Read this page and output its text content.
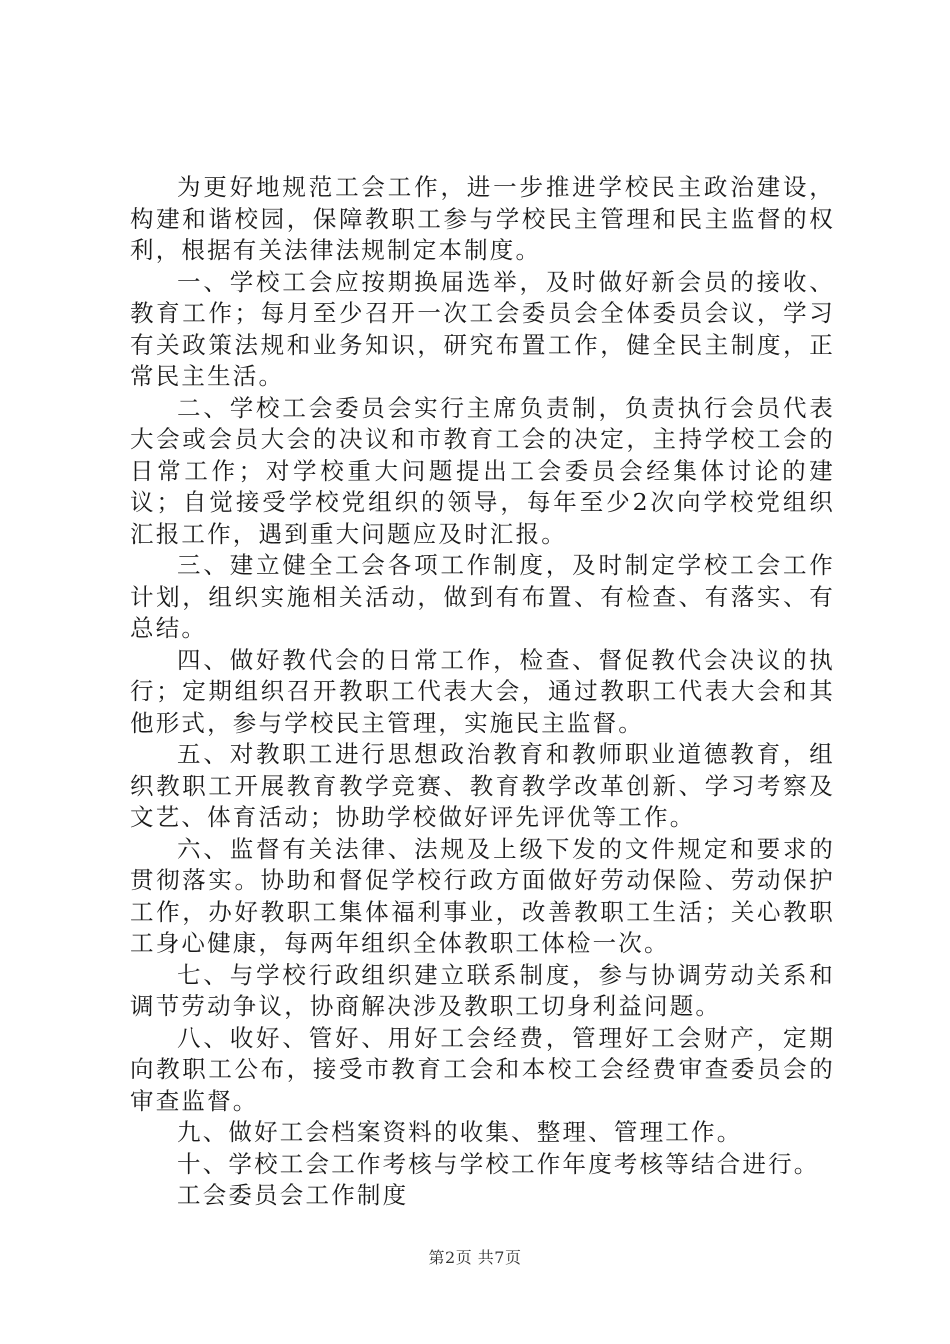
为更好地规范工会工作，进一步推进学校民主政治建设，构建和谐校园，保障教职工参与学校民主管理和民主监督的权利，根据有关法律法规制定本制度。

一、学校工会应按期换届选举，及时做好新会员的接收、教育工作；每月至少召开一次工会委员会全体委员会议，学习有关政策法规和业务知识，研究布置工作，健全民主制度，正常民主生活。

二、学校工会委员会实行主席负责制，负责执行会员代表大会或会员大会的决议和市教育工会的决定，主持学校工会的日常工作；对学校重大问题提出工会委员会经集体讨论的建议；自觉接受学校党组织的领导，每年至少2次向学校党组织汇报工作，遇到重大问题应及时汇报。

三、建立健全工会各项工作制度，及时制定学校工会工作计划，组织实施相关活动，做到有布置、有检查、有落实、有总结。

四、做好教代会的日常工作，检查、督促教代会决议的执行；定期组织召开教职工代表大会，通过教职工代表大会和其他形式，参与学校民主管理，实施民主监督。

五、对教职工进行思想政治教育和教师职业道德教育，组织教职工开展教育教学竞赛、教育教学改革创新、学习考察及文艺、体育活动；协助学校做好评先评优等工作。

六、监督有关法律、法规及上级下发的文件规定和要求的贯彻落实。协助和督促学校行政方面做好劳动保险、劳动保护工作，办好教职工集体福利事业，改善教职工生活；关心教职工身心健康，每两年组织全体教职工体检一次。

七、与学校行政组织建立联系制度，参与协调劳动关系和调节劳动争议，协商解决涉及教职工切身利益问题。

八、收好、管好、用好工会经费，管理好工会财产，定期向教职工公布，接受市教育工会和本校工会经费审查委员会的审查监督。

九、做好工会档案资料的收集、整理、管理工作。

十、学校工会工作考核与学校工作年度考核等结合进行。

工会委员会工作制度

第2页 共7页
